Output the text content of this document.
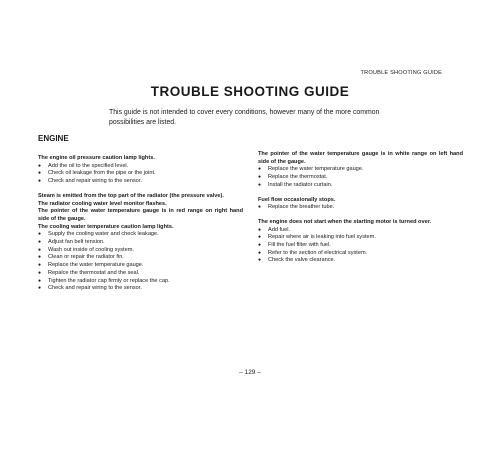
TROUBLE SHOOTING GUIDE
TROUBLE SHOOTING GUIDE
This guide is not intended to cover every conditions, however many of the more common possibilities are listed.
ENGINE
The engine oil pressure caution lamp lights.
● Add the oil to the specified level.
● Check oil leakage from the pipe or the joint.
● Check and repair wiring to the sensor.
Steam is emitted from the top part of the radiator (the pressure valve).
The radiator cooling water level monitor flashes.
The pointer of the water temperature gauge is in red range on right hand side of the gauge.
The cooling water temperature caution lamp lights.
● Supply the cooling water and check leakage.
● Adjust fan belt tension.
● Wash out inside of cooling system.
● Clean or repair the radiator fin.
● Replace the water temperature gauge.
● Repalce the thermostat and the seal.
● Tighten the radiator cap firmly or replace the cap.
● Check and repair wiring to the sensor.
The pointer of the water temperature gauge is in white range on left hand side of the gauge.
● Replace the water temperature gauge.
● Replace the thermostat.
● Install the radiator curtain.
Fuel flow occasionally stops.
● Replace the breather tube.
The engine does not start when the starting motor is turned over.
● Add fuel.
● Repair where air is leaking into fuel system.
● Fill the fuel filter with fuel.
● Refer to the section of electrical system.
● Check the valve clearance.
– 129 –
